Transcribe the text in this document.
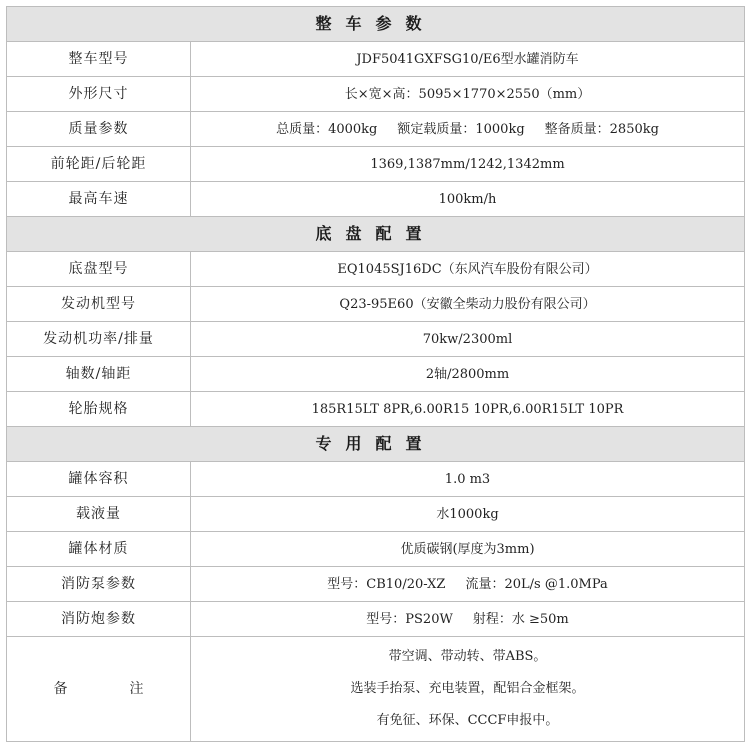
整车参数	
整车型号	JDF5041GXFSG10/E6型水罐消防车
外形尺寸	长×宽×高：5095×1770×2550（mm）
质量参数	总质量：4000kg 额定载质量：1000kg 整备质量：2850kg
前轮距/后轮距	1369,1387mm/1242,1342mm
最高车速	100km/h
底盘配置	
底盘型号	EQ1045SJ16DC（东风汽车股份有限公司）
发动机型号	Q23-95E60（安徽全柴动力股份有限公司）
发动机功率/排量	70kw/2300ml
轴数/轴距	2轴/2800mm
轮胎规格	185R15LT 8PR,6.00R15 10PR,6.00R15LT 10PR
专用配置	
罐体容积	1.0 m3
载液量	水1000kg
罐体材质	优质碳钢(厚度为3mm)
消防泵参数	型号：CB10/20-XZ 流量：20L/s @1.0MPa
消防炮参数	型号：PS20W 射程：水 ≥50m
备 注	带空调、带动转、带ABS。
选装手抬泵、充电装置，配铝合金框架。
有免征、环保、CCCF申报中。
